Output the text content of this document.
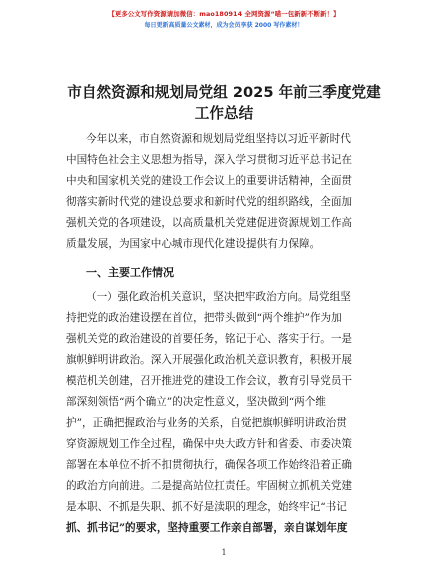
【更多公文写作资源请加微信：mao180914 全网资源“喵一包新新不断新！】
每日更新高质量公文素材，成为会员享获 2000 写作素材！
市自然资源和规划局党组 2025 年前三季度党建
工作总结
今年以来，市自然资源和规划局党组坚持以习近平新时代
中国特色社会主义思想为指导，深入学习贯彻习近平总书记在
中央和国家机关党的建设工作会议上的重要讲话精神，全面贯
彻落实新时代党的建设总要求和新时代党的组织路线，全面加
强机关党的各项建设，以高质量机关党建促进资源规划工作高
质量发展，为国家中心城市现代化建设提供有力保障。
一、主要工作情况
（一）强化政治机关意识，坚决把牢政治方向。局党组坚
持把党的政治建设摆在首位，把带头做到“两个维护”作为加
强机关党的政治建设的首要任务，铭记于心、落实于行。一是
旗帜鲜明讲政治。深入开展强化政治机关意识教育，积极开展
模范机关创建，召开推进党的建设工作会议，教育引导党员干
部深刻领悟“两个确立”的决定性意义，坚决做到“两个维
护”，正确把握政治与业务的关系，自觉把旗帜鲜明讲政治贯
穿资源规划工作全过程，确保中央大政方针和省委、市委决策
部署在本单位不折不扣贯彻执行，确保各项工作始终沿着正确
的政治方向前进。二是提高站位扛责任。牢固树立抓机关党建
是本职、不抓是失职、抓不好是渎职的理念，始终牢记“书记
抓、抓书记”的要求，坚持重要工作亲自部署，亲自谋划年度
1
